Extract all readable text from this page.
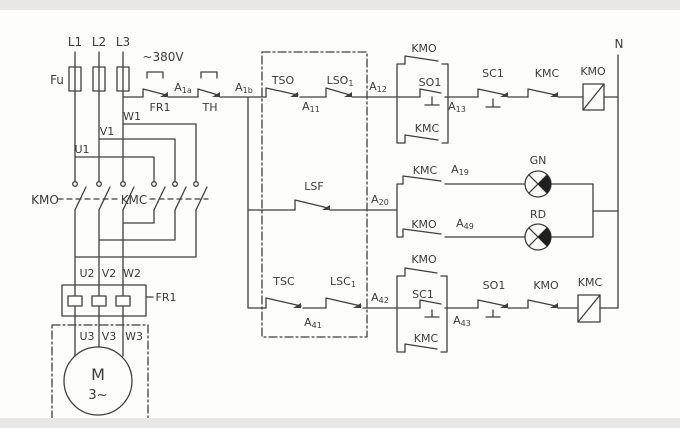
L1 L2 L3
~380V
Fu
FR1	TH
A1a	A1b
U1
V1
W1
KMO	KMC
U2 V2 W2
FR1
U3 V3 W3
M
3~
TSO
A11
LSO1 A12
LSF
A20
TSC
A41
LSC1
A42
KMO
SO1
KMC
A13
SC1	KMC KMO
N
KMC A19
GN
KMO A49
RD
KMO
SC1
KMC
A43
SO1	KMO KMC
